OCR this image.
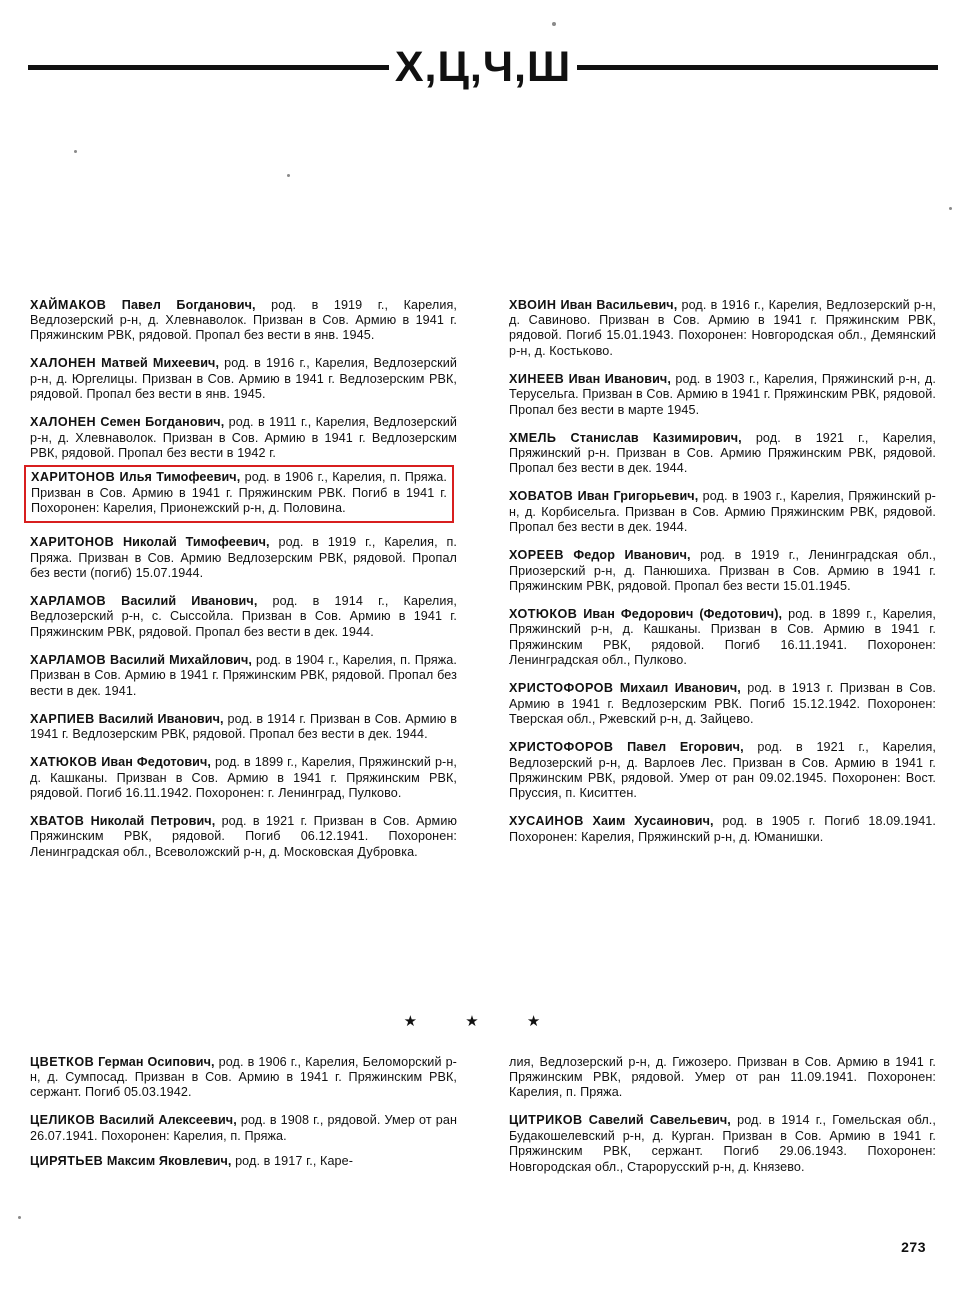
Х,Ц,Ч,Ш

ХАЙМАКОВ Павел Богданович, род. в 1919 г., Карелия, Ведлозерский р-н, д. Хлевнаволок. Призван в Сов. Армию в 1941 г. Пряжинским РВК, рядовой. Пропал без вести в янв. 1945.

ХАЛОНЕН Матвей Михеевич, род. в 1916 г., Карелия, Ведлозерский р-н, д. Юргелицы. Призван в Сов. Армию в 1941 г. Ведлозерским РВК, рядовой. Пропал без вести в янв. 1945.

ХАЛОНЕН Семен Богданович, род. в 1911 г., Карелия, Ведлозерский р-н, д. Хлевнаволок. Призван в Сов. Армию в 1941 г. Ведлозерским РВК, рядовой. Пропал без вести в 1942 г.

ХАРИТОНОВ Илья Тимофеевич, род. в 1906 г., Карелия, п. Пряжа. Призван в Сов. Армию в 1941 г. Пряжинским РВК. Погиб в 1941 г. Похоронен: Карелия, Прионежский р-н, д. Половина.

ХАРИТОНОВ Николай Тимофеевич, род. в 1919 г., Карелия, п. Пряжа. Призван в Сов. Армию Ведлозерским РВК, рядовой. Пропал без вести (погиб) 15.07.1944.

ХАРЛАМОВ Василий Иванович, род. в 1914 г., Карелия, Ведлозерский р-н, с. Сыссойла. Призван в Сов. Армию в 1941 г. Пряжинским РВК, рядовой. Пропал без вести в дек. 1944.

ХАРЛАМОВ Василий Михайлович, род. в 1904 г., Карелия, п. Пряжа. Призван в Сов. Армию в 1941 г. Пряжинским РВК, рядовой. Пропал без вести в дек. 1941.

ХАРПИЕВ Василий Иванович, род. в 1914 г. Призван в Сов. Армию в 1941 г. Ведлозерским РВК, рядовой. Пропал без вести в дек. 1944.

ХАТЮКОВ Иван Федотович, род. в 1899 г., Карелия, Пряжинский р-н, д. Кашканы. Призван в Сов. Армию в 1941 г. Пряжинским РВК, рядовой. Погиб 16.11.1942. Похоронен: г. Ленинград, Пулково.

ХВАТОВ Николай Петрович, род. в 1921 г. Призван в Сов. Армию Пряжинским РВК, рядовой. Погиб 06.12.1941. Похоронен: Ленинградская обл., Всеволожский р-н, д. Московская Дубровка.

ХВОИН Иван Васильевич, род. в 1916 г., Карелия, Ведлозерский р-н, д. Савиново. Призван в Сов. Армию в 1941 г. Пряжинским РВК, рядовой. Погиб 15.01.1943. Похоронен: Новгородская обл., Демянский р-н, д. Костьково.

ХИНЕЕВ Иван Иванович, род. в 1903 г., Карелия, Пряжинский р-н, д. Терусельга. Призван в Сов. Армию в 1941 г. Пряжинским РВК, рядовой. Пропал без вести в марте 1945.

ХМЕЛЬ Станислав Казимирович, род. в 1921 г., Карелия, Пряжинский р-н. Призван в Сов. Армию Пряжинским РВК, рядовой. Пропал без вести в дек. 1944.

ХОВАТОВ Иван Григорьевич, род. в 1903 г., Карелия, Пряжинский р-н, д. Корбисельга. Призван в Сов. Армию Пряжинским РВК, рядовой. Пропал без вести в дек. 1944.

ХОРЕЕВ Федор Иванович, род. в 1919 г., Ленинградская обл., Приозерский р-н, д. Панюшиха. Призван в Сов. Армию в 1941 г. Пряжинским РВК, рядовой. Пропал без вести 15.01.1945.

ХОТЮКОВ Иван Федорович (Федотович), род. в 1899 г., Карелия, Пряжинский р-н, д. Кашканы. Призван в Сов. Армию в 1941 г. Пряжинским РВК, рядовой. Погиб 16.11.1941. Похоронен: Ленинградская обл., Пулково.

ХРИСТОФОРОВ Михаил Иванович, род. в 1913 г. Призван в Сов. Армию в 1941 г. Ведлозерским РВК. Погиб 15.12.1942. Похоронен: Тверская обл., Ржевский р-н, д. Зайцево.

ХРИСТОФОРОВ Павел Егорович, род. в 1921 г., Карелия, Ведлозерский р-н, д. Варлоев Лес. Призван в Сов. Армию в 1941 г. Пряжинским РВК, рядовой. Умер от ран 09.02.1945. Похоронен: Вост. Пруссия, п. Киситтен.

ХУСАИНОВ Хаим Хусаинович, род. в 1905 г. Погиб 18.09.1941. Похоронен: Карелия, Пряжинский р-н, д. Юманишки.

★ ★ ★

ЦВЕТКОВ Герман Осипович, род. в 1906 г., Карелия, Беломорский р-н, д. Сумпосад. Призван в Сов. Армию в 1941 г. Пряжинским РВК, сержант. Погиб 05.03.1942.

ЦЕЛИКОВ Василий Алексеевич, род. в 1908 г., рядовой. Умер от ран 26.07.1941. Похоронен: Карелия, п. Пряжа.

ЦИРЯТЬЕВ Максим Яковлевич, род. в 1917 г., Каре-

лия, Ведлозерский р-н, д. Гижозеро. Призван в Сов. Армию в 1941 г. Пряжинским РВК, рядовой. Умер от ран 11.09.1941. Похоронен: Карелия, п. Пряжа.

ЦИТРИКОВ Савелий Савельевич, род. в 1914 г., Гомельская обл., Будакошелевский р-н, д. Курган. Призван в Сов. Армию в 1941 г. Пряжинским РВК, сержант. Погиб 29.06.1943. Похоронен: Новгородская обл., Старорусский р-н, д. Князево.

273
